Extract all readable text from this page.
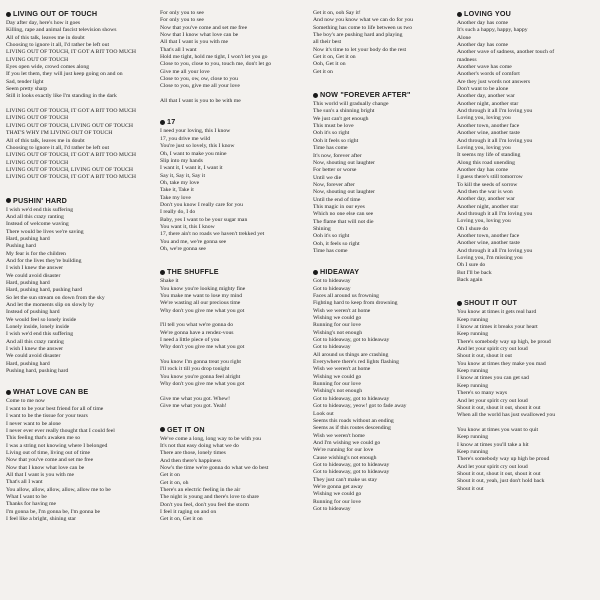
LIVING OUT OF TOUCH
Day after day, here's how it goes
Killing, rape and animal fascist television shows
All of this talk, leaves me in doubt
Choosing to ignore it all, I'd rather be left out
LIVING OUT OF TOUCH, IT GOT A BIT TOO MUCH
LIVING OUT OF TOUCH
Eyes open wide, crowd comes along
If you let them, they will just keep going on and on
Sad, tender light
Seem pretty sharp
Still it looks exactly like I'm standing in the dark
LIVING OUT OF TOUCH, IT GOT A BIT TOO MUCH
LIVING OUT OF TOUCH
LIVING OUT OF TOUCH, LIVING OUT OF TOUCH
THAT'S WHY I'M LIVING OUT OF TOUCH
All of this talk, leaves me in doubt
Choosing to ignore it all, I'd rather be left out
LIVING OUT OF TOUCH, IT GOT A BIT TOO MUCH
LIVING OUT OF TOUCH
LIVING OUT OF TOUCH, LIVING OUT OF TOUCH
LIVING OUT OF TOUCH, IT GOT A BIT TOO MUCH
PUSHIN' HARD
I wish we'd end this suffering
And all this crazy ranting
Instead of welcome waving
There would be lives we're saving
Hard, pushing hard
Pushing hard
My fear is for the children
And for the lives they're building
I wish I knew the answer
We could avoid disaster
Hard, pushing hard
Hard, pushing hard, pushing hard
So let the sun stream on down from the sky
And let the moments slip on slowly by
Instead of pushing hard
We would feel so lonely inside
Lonely inside, lonely inside
I wish we'd end this suffering
And all this crazy ranting
I wish I knew the answer
We could avoid disaster
Hard, pushing hard
Pushing hard, pushing hard
WHAT LOVE CAN BE
Come to me now
I want to be your best friend for all of time
I want to be the tissue for your tears
I never want to be alone
I never ever ever really thought that I could feel
This feeling that's awaken me so
I was a string not knowing where I belonged
Living out of time, living out of time
Now that you've come and set me free
Now that I know what love can be
All that I want is you with me
That's all I want
You allow, allow, allow, allow, allow me to be
What I want to be
Thanks for having me
I'm gonna be, I'm gonna be, I'm gonna be
I feel like a bright, shining star
For only you to see
For only you to see
Now that you've come and set me free
Now that I know what love can be
All that I want is you with me
That's all I want
Hold me tight, hold me tight, I won't let you go
Close to you, close to you, touch me, don't let go
Give me all your love
Close to you, ow, ow, close to you
Close to you, give me all your love
All that I want is you to be with me
17
I need your loving, this I know
17, you drive me wild
You're just so lovely, this I know
Oh, I want to make you mine
Slip into my hands
I want it, I want it, I want it
Say it, Say it, Say it
Oh, take my love
Take it, Take it
Take my love
Don't you know I really care for you
I really do, I do
Baby, yes I want to be your sugar man
You want it, this I know
17, there ain't no roads we haven't trekked yet
You and me, we're gonna see
Oh, we're gonna see
THE SHUFFLE
Shake it
You know you're looking mighty fine
You make me want to lose my mind
We're wasting all our precious time
Why don't you give me what you got
I'll tell you what we're gonna do
We're gonna have a rendez-vous
I need a little piece of you
Why don't you give me what you got
You know I'm gonna treat you right
I'll rock it till you drop tonight
You know you're gonna feel alright
Why don't you give me what you got
Give me what you got. Whew!
Give me what you got. Yeah!
GET IT ON
We've come a long, long way to be with you
It's not that easy doing what we do
There are those, lonely times
And then there's happiness
Now's the time we're gonna do what we do best
Get it on
Get it on, oh
There's an electric feeling in the air
The night is young and there's love to share
Don't you feel, don't you feel the storm
I feel it raging on and on
Get it on, Get it on
Get it on, ooh Say it!
And now you know what we can do for you
Something has come to life between us two
The boy's are pushing hard and playing
all their best
Now it's time to let your body do the rest
Get it on, Get it on
Ooh, Get it on
Get it on
NOW "FOREVER AFTER"
This world will gradually change
The sun's a shinning bright
We just can't get enough
This must be love
Ooh it's so right
Ooh it feels so right
Time has come
It's now, forever after
Now, shouting out laughter
For better or worse
Until we die
Now, forever after
Now, shouting out laughter
Until the end of time
This magic in our eyes
Which no one else can see
The flame that will not die
Shining
Ooh it's so right
Ooh, it feels so right
Time has come
HIDEAWAY
Got to hideaway
Got to hideaway
Faces all around us frowning
Fighting hard to keep from drowning
Wish we weren't at home
Wishing we could go
Running for our love
Wishing's not enough
Got to hideaway, got to hideaway
Got to hideaway
All around us things are crashing
Everywhere there's red lights flashing
Wish we weren't at home
Wishing we could go
Running for our love
Wishing's not enough
Got to hideaway, got to hideaway
Got to hideaway, yeow! got to fade away
Look out
Seems this roads without an ending
Seems as if this routes descending
Wish we weren't home
And I'm wishing we could go
We're running for our love
Cause wishing's not enough
Got to hideaway, got to hideaway
Got to hideaway, got to hideaway
They just can't make us stay
We're gonna get away
Wishing we could go
Running for our love
Got to hideaway
LOVING YOU
Another day has come
It's such a happy, happy, happy
Alone
Another day has come
Another wave of sadness, another touch of
madness
Another wave has come
Another's words of comfort
Are they just words not answers
Don't want to be alone
Another day, another war
Another night, another star
And through it all I'm loving you
Loving you, loving you
Another town, another face
Another wine, another taste
And through it all I'm loving you
Loving you, loving you
It seems my life of standing
Along this road unending
Another day has come
I guess there's still tomorrow
To kill the seeds of sorrow
And then the war is won
Another day, another war
Another night, another star
And through it all I'm loving you
Loving you, loving you
Oh I shure do
Another town, another face
Another wine, another taste
And through it all I'm loving you
Loving you, I'm missing you
Oh I sure do
But I'll be back
Back again
SHOUT IT OUT
You know at times it gets real hard
Keep running
I know at times it breaks your heart
Keep running
There's somebody way up high, be proud
And let your spirit cry out loud
Shout it out, shout it out
You know at times they make you mad
Keep running
I know at times you can get sad
Keep running
There's so many ways
And let your spirit cry out loud
Shout it out, shout it out, shout it out
When all the world has just swallowed you
You know at times you want to quit
Keep running
I know at times you'll take a hit
Keep running
There's somebody way up high be proud
And let your spirit cry out loud
Shout it out, shout it out, shout it out
Shout it out, yeah, just don't hold back
Shout it out
